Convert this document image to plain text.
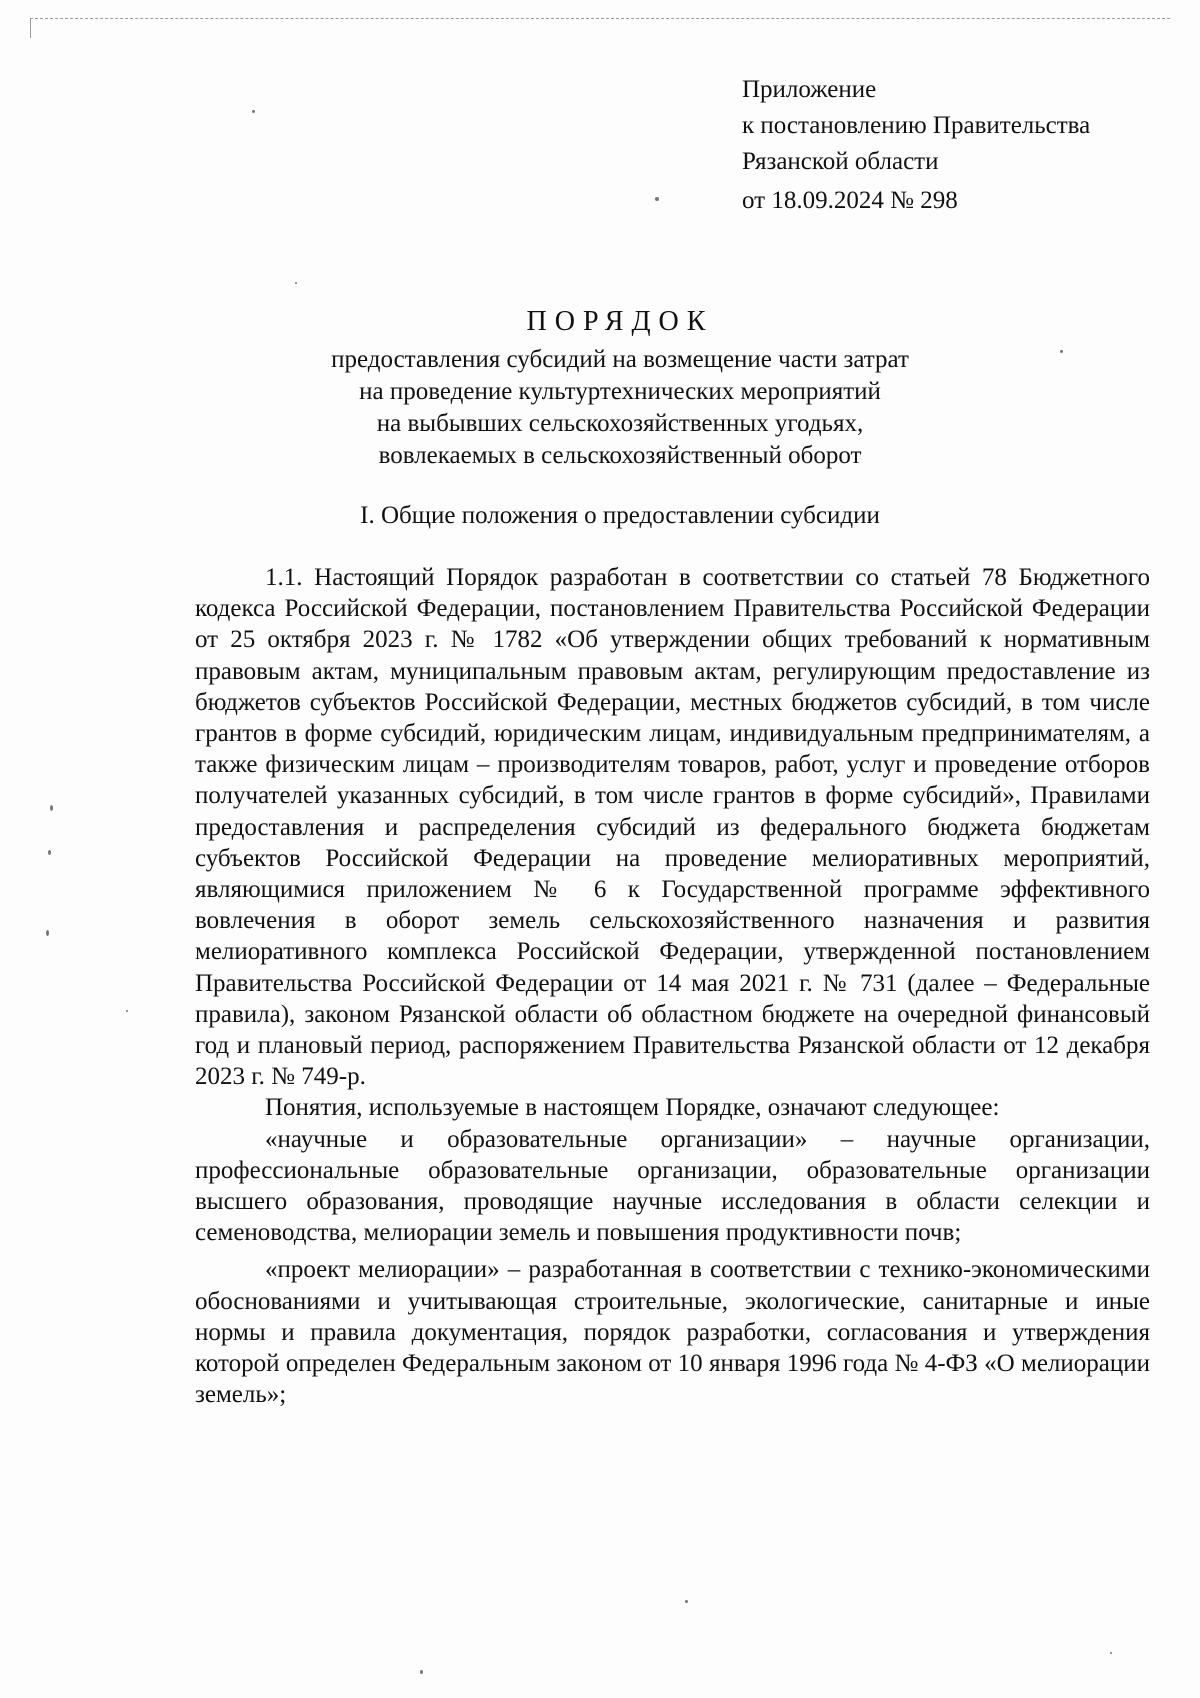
Приложение
к постановлению Правительства
Рязанской области
от 18.09.2024 № 298
ПОРЯДОК
предоставления субсидий на возмещение части затрат
на проведение культуртехнических мероприятий
на выбывших сельскохозяйственных угодьях,
вовлекаемых в сельскохозяйственный оборот
I. Общие положения о предоставлении субсидии

1.1. Настоящий Порядок разработан в соответствии со статьей 78 Бюджетного кодекса Российской Федерации, постановлением Правительства Российской Федерации от 25 октября 2023 г. № 1782 «Об утверждении общих требований к нормативным правовым актам, муниципальным правовым актам, регулирующим предоставление из бюджетов субъектов Российской Федерации, местных бюджетов субсидий, в том числе грантов в форме субсидий, юридическим лицам, индивидуальным предпринимателям, а также физическим лицам – производителям товаров, работ, услуг и проведение отборов получателей указанных субсидий, в том числе грантов в форме субсидий», Правилами предоставления и распределения субсидий из федерального бюджета бюджетам субъектов Российской Федерации на проведение мелиоративных мероприятий, являющимися приложением № 6 к Государственной программе эффективного вовлечения в оборот земель сельскохозяйственного назначения и развития мелиоративного комплекса Российской Федерации, утвержденной постановлением Правительства Российской Федерации от 14 мая 2021 г. № 731 (далее – Федеральные правила), законом Рязанской области об областном бюджете на очередной финансовый год и плановый период, распоряжением Правительства Рязанской области от 12 декабря 2023 г. № 749-р.

Понятия, используемые в настоящем Порядке, означают следующее:

«научные и образовательные организации» – научные организации, профессиональные образовательные организации, образовательные организации высшего образования, проводящие научные исследования в области селекции и семеноводства, мелиорации земель и повышения продуктивности почв;

«проект мелиорации» – разработанная в соответствии с технико-экономическими обоснованиями и учитывающая строительные, экологические, санитарные и иные нормы и правила документация, порядок разработки, согласования и утверждения которой определен Федеральным законом от 10 января 1996 года № 4-ФЗ «О мелиорации земель»;
